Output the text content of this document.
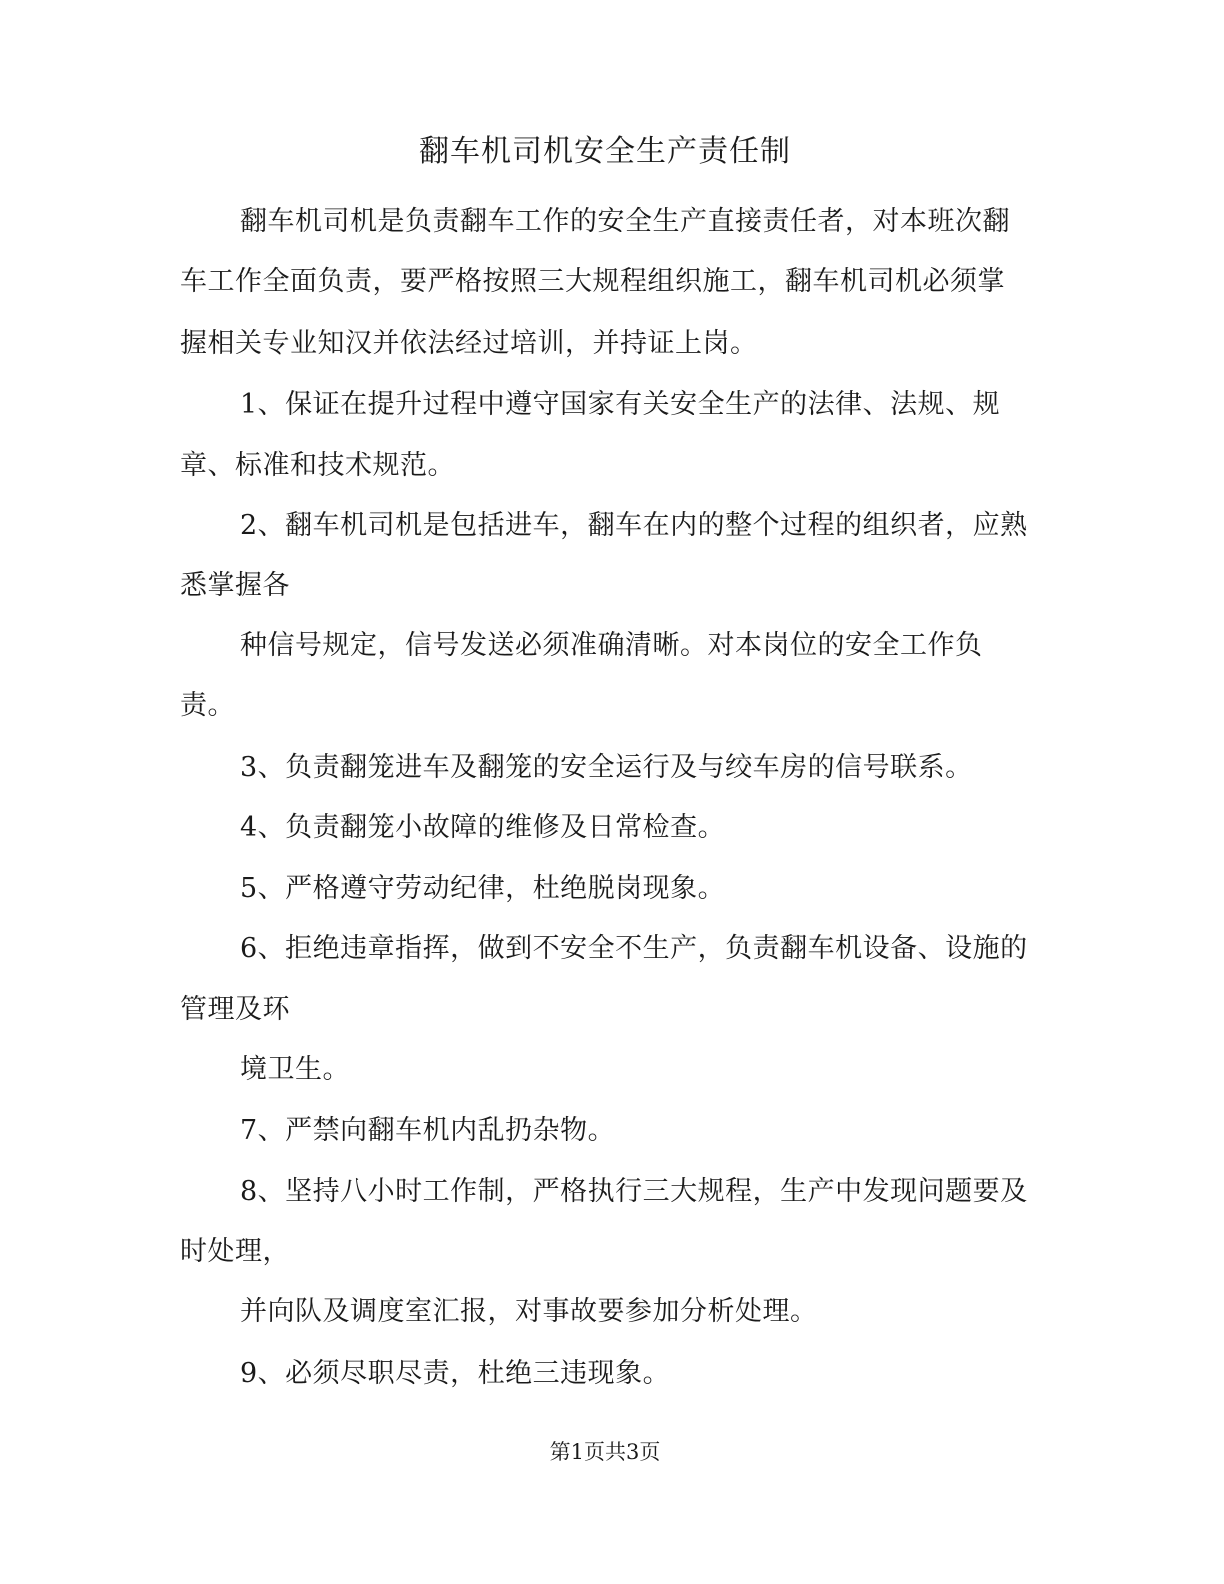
翻车机司机安全生产责任制
翻车机司机是负责翻车工作的安全生产直接责任者，对本班次翻
车工作全面负责，要严格按照三大规程组织施工，翻车机司机必须掌
握相关专业知汉并依法经过培训，并持证上岗。
1、保证在提升过程中遵守国家有关安全生产的法律、法规、规
章、标准和技术规范。
2、翻车机司机是包括进车，翻车在内的整个过程的组织者，应熟
悉掌握各
种信号规定，信号发送必须准确清晰。对本岗位的安全工作负
责。
3、负责翻笼进车及翻笼的安全运行及与绞车房的信号联系。
4、负责翻笼小故障的维修及日常检查。
5、严格遵守劳动纪律，杜绝脱岗现象。
6、拒绝违章指挥，做到不安全不生产，负责翻车机设备、设施的
管理及环
境卫生。
7、严禁向翻车机内乱扔杂物。
8、坚持八小时工作制，严格执行三大规程，生产中发现问题要及
时处理，
并向队及调度室汇报，对事故要参加分析处理。
9、必须尽职尽责，杜绝三违现象。
第1页共3页
